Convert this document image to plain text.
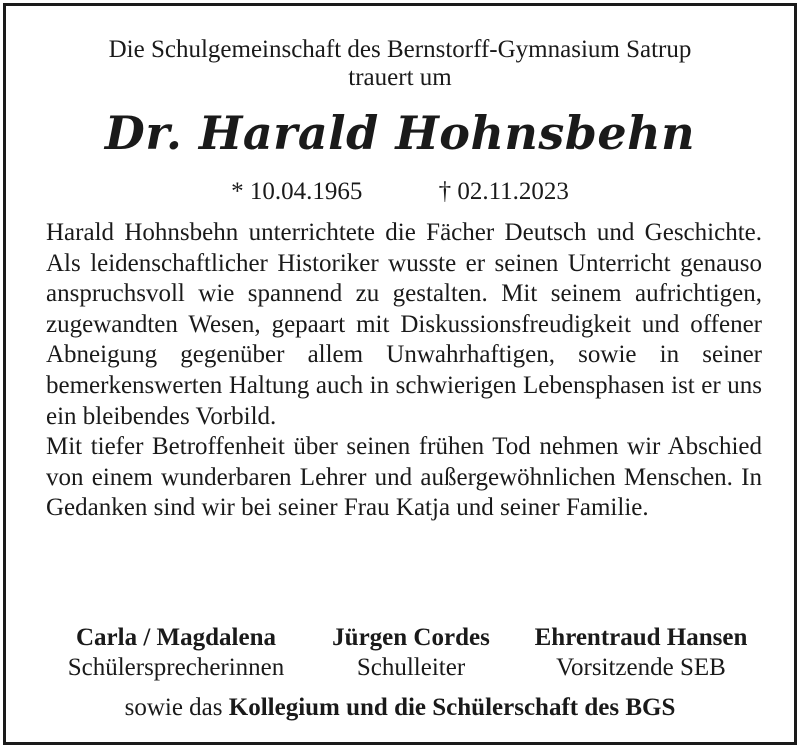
Die Schulgemeinschaft des Bernstorff-Gymnasium Satrup
trauert um
Dr. Harald Hohnsbehn
* 10.04.1965	† 02.11.2023

Harald Hohnsbehn unterrichtete die Fächer Deutsch und Geschichte. Als leidenschaftlicher Historiker wusste er seinen Unterricht genauso anspruchsvoll wie spannend zu gestalten. Mit seinem aufrichtigen, zugewandten Wesen, gepaart mit Diskussionsfreudigkeit und offener Abneigung gegenüber allem Unwahrhaftigen, sowie in seiner bemerkenswerten Haltung auch in schwierigen Lebensphasen ist er uns ein bleibendes Vorbild.

Mit tiefer Betroffenheit über seinen frühen Tod nehmen wir Abschied von einem wunderbaren Lehrer und außergewöhnlichen Menschen. In Gedanken sind wir bei seiner Frau Katja und seiner Familie.

Carla / Magdalena
Schülersprecherinnen
Jürgen Cordes
Schulleiter
Ehrentraud Hansen
Vorsitzende SEB
sowie das Kollegium und die Schülerschaft des BGS
